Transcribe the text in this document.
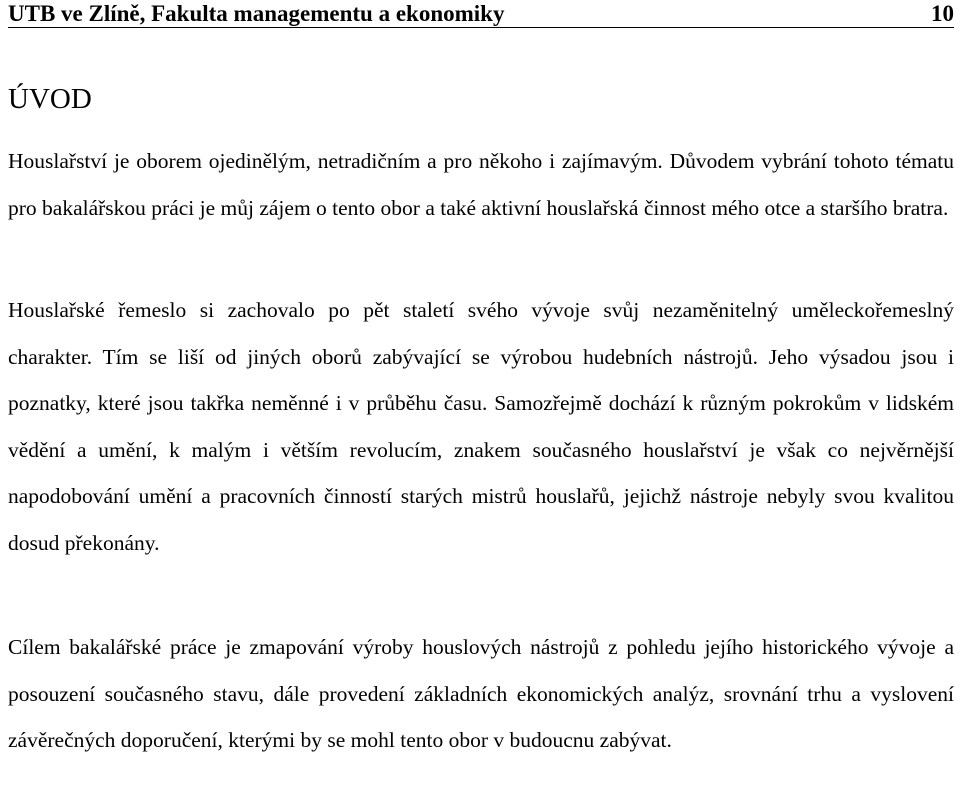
UTB ve Zlíně, Fakulta managementu a ekonomiky	10
ÚVOD

Houslařství je oborem ojedinělým, netradičním a pro někoho i zajímavým. Důvodem vybrání tohoto tématu pro bakalářskou práci je můj zájem o tento obor a také aktivní houslařská činnost mého otce a staršího bratra.

Houslařské řemeslo si zachovalo po pět staletí svého vývoje svůj nezaměnitelný uměleckořemeslný charakter. Tím se liší od jiných oborů zabývající se výrobou hudebních nástrojů. Jeho výsadou jsou i poznatky, které jsou takřka neměnné i v průběhu času. Samozřejmě dochází k různým pokrokům v lidském vědění a umění, k malým i větším revolucím, znakem současného houslařství je však co nejvěrnější napodobování umění a pracovních činností starých mistrů houslařů, jejichž nástroje nebyly svou kvalitou dosud překonány.

Cílem bakalářské práce je zmapování výroby houslových nástrojů z pohledu jejího historického vývoje a posouzení současného stavu, dále provedení základních ekonomických analýz, srovnání trhu a vyslovení závěrečných doporučení, kterými by se mohl tento obor v budoucnu zabývat.
